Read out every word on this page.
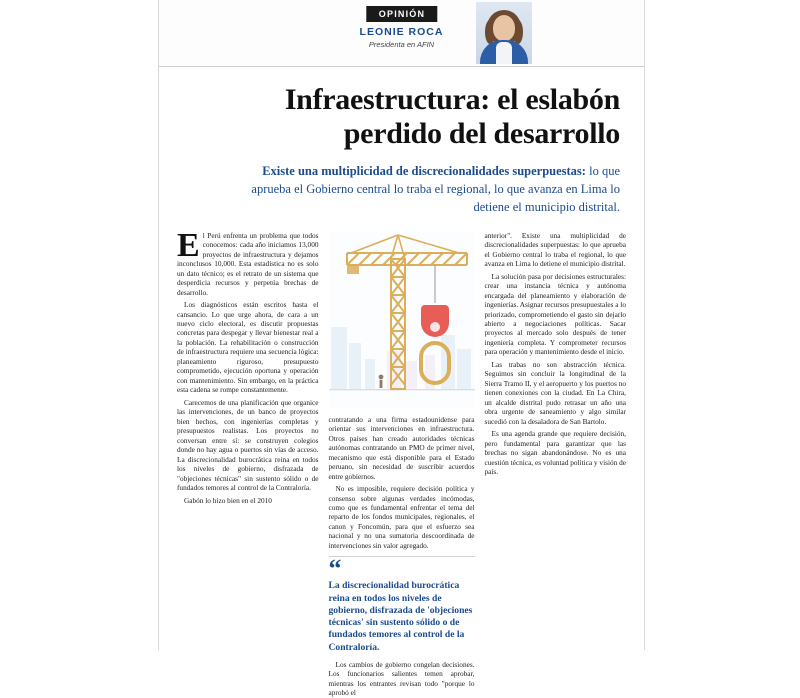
OPINIÓN
LEONIE ROCA
Presidenta en AFIN
Infraestructura: el eslabón
perdido del desarrollo
Existe una multiplicidad de discrecionalidades superpuestas: lo que aprueba el Gobierno central lo traba el regional, lo que avanza en Lima lo detiene el municipio distrital.

El Perú enfrenta un problema que todos conocemos: cada año iniciamos 13,000 proyectos de infraestructura y dejamos inconclusos 10,000. Esta estadística no es solo un dato técnico; es el retrato de un sistema que desperdicia recursos y perpetúa brechas de desarrollo.

Los diagnósticos están escritos hasta el cansancio. Lo que urge ahora, de cara a un nuevo ciclo electoral, es discutir propuestas concretas para despegar y llevar bienestar real a la población. La rehabilitación o construcción de infraestructura requiere una secuencia lógica: planeamiento riguroso, presupuesto comprometido, ejecución oportuna y operación con mantenimiento. Sin embargo, en la práctica esta cadena se rompe constantemente.

Carecemos de una planificación que organice las intervenciones, de un banco de proyectos bien hechos, con ingenierías completas y presupuestos realistas. Los proyectos no conversan entre sí: se construyen colegios donde no hay agua o puertos sin vías de acceso. La discrecionalidad burocrática reina en todos los niveles de gobierno, disfrazada de "objeciones técnicas" sin sustento sólido o de fundados temores al control de la Contraloría.

Gabón lo hizo bien en el 2010

contratando a una firma estadounidense para orientar sus intervenciones en infraestructura. Otros países han creado autoridades técnicas autónomas contratando un PMO de primer nivel, mecanismo que está disponible para el Estado peruano, sin necesidad de suscribir acuerdos entre gobiernos.

No es imposible, requiere decisión política y consenso sobre algunas verdades incómodas, como que es fundamental enfrentar el tema del reparto de los fondos municipales, regionales, el canon y Foncomún, para que el esfuerzo sea nacional y no una sumatoria descoordinada de intervenciones sin valor agregado.

“
La discrecionalidad burocrática reina en todos los niveles de gobierno, disfrazada de 'objeciones técnicas' sin sustento sólido o de fundados temores al control de la Contraloría.

Los cambios de gobierno congelan decisiones. Los funcionarios salientes temen aprobar, mientras los entrantes revisan todo "porque lo aprobó el

anterior". Existe una multiplicidad de discrecionalidades superpuestas: lo que aprueba el Gobierno central lo traba el regional, lo que avanza en Lima lo detiene el municipio distrital.

La solución pasa por decisiones estructurales: crear una instancia técnica y autónoma encargada del planeamiento y elaboración de ingenierías. Asignar recursos presupuestales a lo priorizado, comprometiendo el gasto sin dejarlo abierto a negociaciones políticas. Sacar proyectos al mercado solo después de tener ingeniería completa. Y comprometer recursos para operación y mantenimiento desde el inicio.

Las trabas no son abstracción técnica. Seguimos sin concluir la longitudinal de la Sierra Tramo II, y el aeropuerto y los puertos no tienen conexiones con la ciudad. En La Chira, un alcalde distrital pudo retrasar un año una obra urgente de saneamiento y algo similar sucedió con la desaladora de San Bartolo.

Es una agenda grande que requiere decisión, pero fundamental para garantizar que las brechas no sigan abandonándose. No es una cuestión técnica, es voluntad política y visión de país.
